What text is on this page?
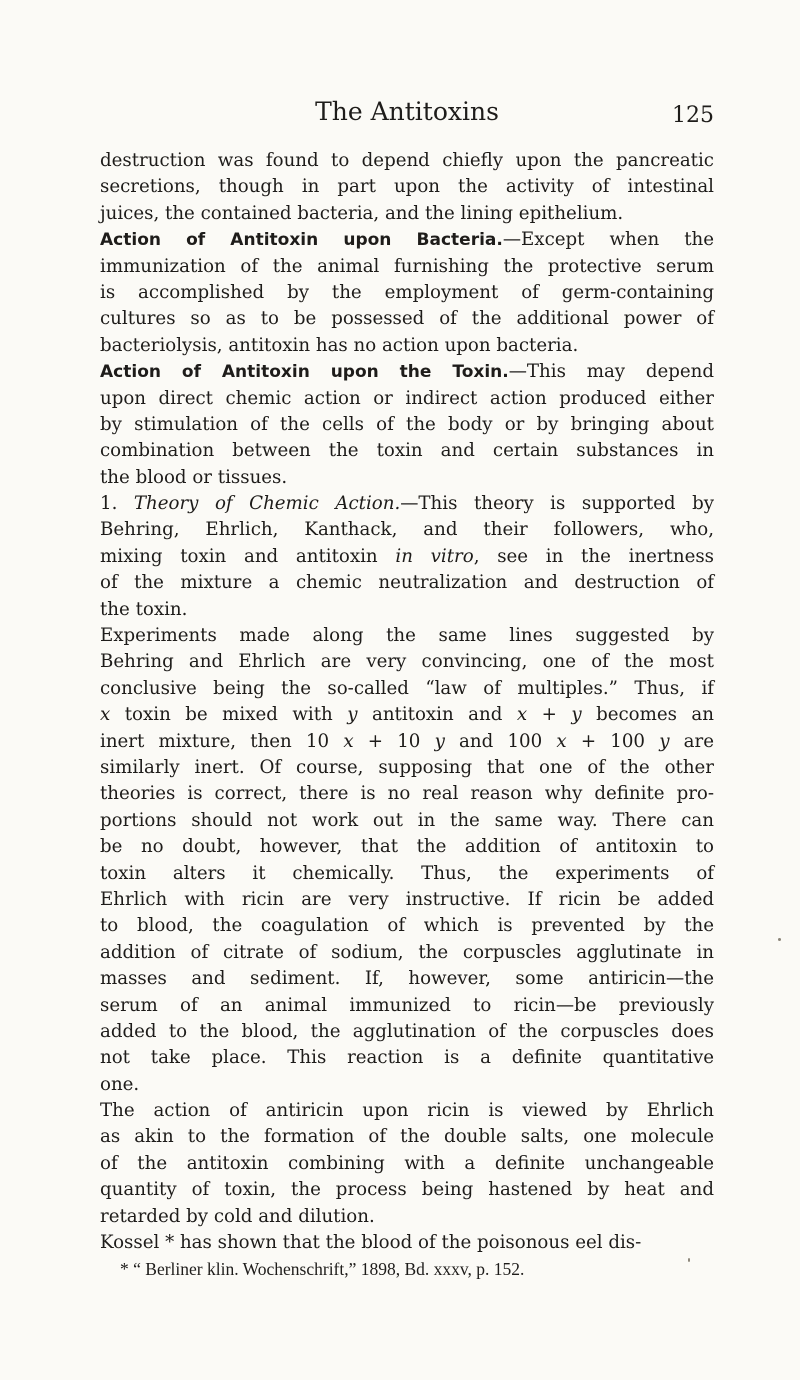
The Antitoxins	125
destruction was found to depend chiefly upon the pancreatic
secretions, though in part upon the activity of intestinal
juices, the contained bacteria, and the lining epithelium.
Action of Antitoxin upon Bacteria.—Except when the
immunization of the animal furnishing the protective serum
is accomplished by the employment of germ-containing
cultures so as to be possessed of the additional power of
bacteriolysis, antitoxin has no action upon bacteria.
Action of Antitoxin upon the Toxin.—This may depend
upon direct chemic action or indirect action produced either
by stimulation of the cells of the body or by bringing about
combination between the toxin and certain substances in
the blood or tissues.
1. Theory of Chemic Action.—This theory is supported by
Behring, Ehrlich, Kanthack, and their followers, who,
mixing toxin and antitoxin in vitro, see in the inertness
of the mixture a chemic neutralization and destruction of
the toxin.
Experiments made along the same lines suggested by
Behring and Ehrlich are very convincing, one of the most
conclusive being the so-called “law of multiples.” Thus, if
x toxin be mixed with y antitoxin and x + y becomes an
inert mixture, then 10 x + 10 y and 100 x + 100 y are
similarly inert. Of course, supposing that one of the other
theories is correct, there is no real reason why definite pro-
portions should not work out in the same way. There can
be no doubt, however, that the addition of antitoxin to
toxin alters it chemically. Thus, the experiments of
Ehrlich with ricin are very instructive. If ricin be added
to blood, the coagulation of which is prevented by the
addition of citrate of sodium, the corpuscles agglutinate in
masses and sediment. If, however, some antiricin—the
serum of an animal immunized to ricin—be previously
added to the blood, the agglutination of the corpuscles does
not take place. This reaction is a definite quantitative
one.
The action of antiricin upon ricin is viewed by Ehrlich
as akin to the formation of the double salts, one molecule
of the antitoxin combining with a definite unchangeable
quantity of toxin, the process being hastened by heat and
retarded by cold and dilution.
Kossel * has shown that the blood of the poisonous eel dis-
* “ Berliner klin. Wochenschrift,” 1898, Bd. xxxv, p. 152.
